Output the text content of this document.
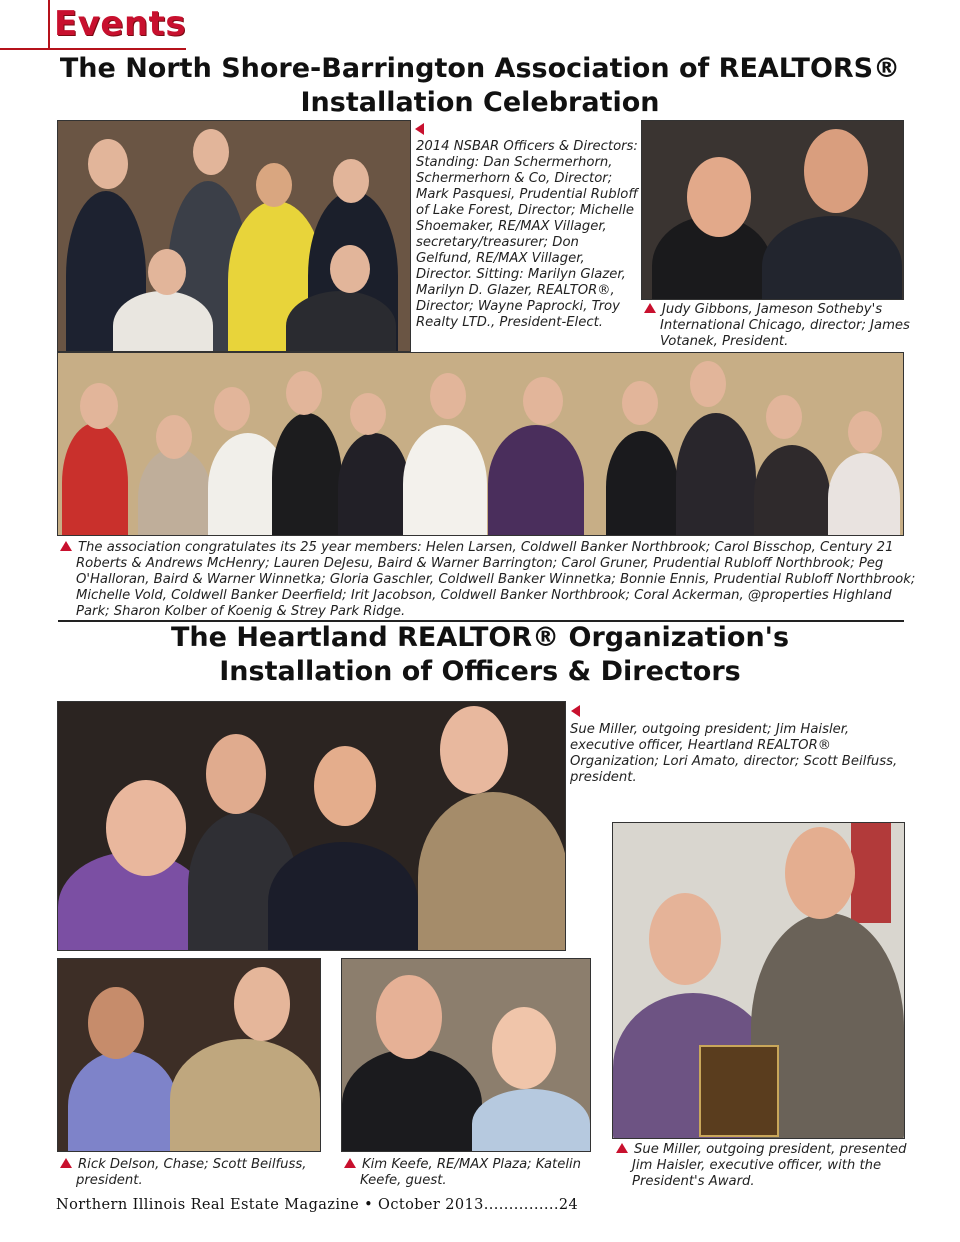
Events
The North Shore-Barrington Association of REALTORS®
Installation Celebration
2014 NSBAR Officers & Directors: Standing: Dan Schermerhorn, Schermerhorn & Co, Director; Mark Pasquesi, Prudential Rubloff of Lake Forest, Director; Michelle Shoemaker, RE/MAX Villager, secretary/treasurer; Don Gelfund, RE/MAX Villager, Director. Sitting: Marilyn Glazer, Marilyn D. Glazer, REALTOR®, Director; Wayne Paprocki, Troy Realty LTD., President-Elect.
Judy Gibbons, Jameson Sotheby's International Chicago, director; James Votanek, President.
The association congratulates its 25 year members: Helen Larsen, Coldwell Banker Northbrook; Carol Bisschop, Century 21 Roberts & Andrews McHenry; Lauren DeJesu, Baird & Warner Barrington; Carol Gruner, Prudential Rubloff Northbrook; Peg O'Halloran, Baird & Warner Winnetka; Gloria Gaschler, Coldwell Banker Winnetka; Bonnie Ennis, Prudential Rubloff Northbrook; Michelle Vold, Coldwell Banker Deerfield; Irit Jacobson, Coldwell Banker Northbrook; Coral Ackerman, @properties Highland Park; Sharon Kolber of Koenig & Strey Park Ridge.
The Heartland REALTOR® Organization's
Installation of Officers & Directors
Sue Miller, outgoing president; Jim Haisler, executive officer, Heartland REALTOR® Organization; Lori Amato, director; Scott Beilfuss, president.
Rick Delson, Chase; Scott Beilfuss, president.
Kim Keefe, RE/MAX Plaza; Katelin Keefe, guest.
Sue Miller, outgoing president, presented Jim Haisler, executive officer, with the President's Award.
Northern Illinois Real Estate Magazine • October 2013...............24
